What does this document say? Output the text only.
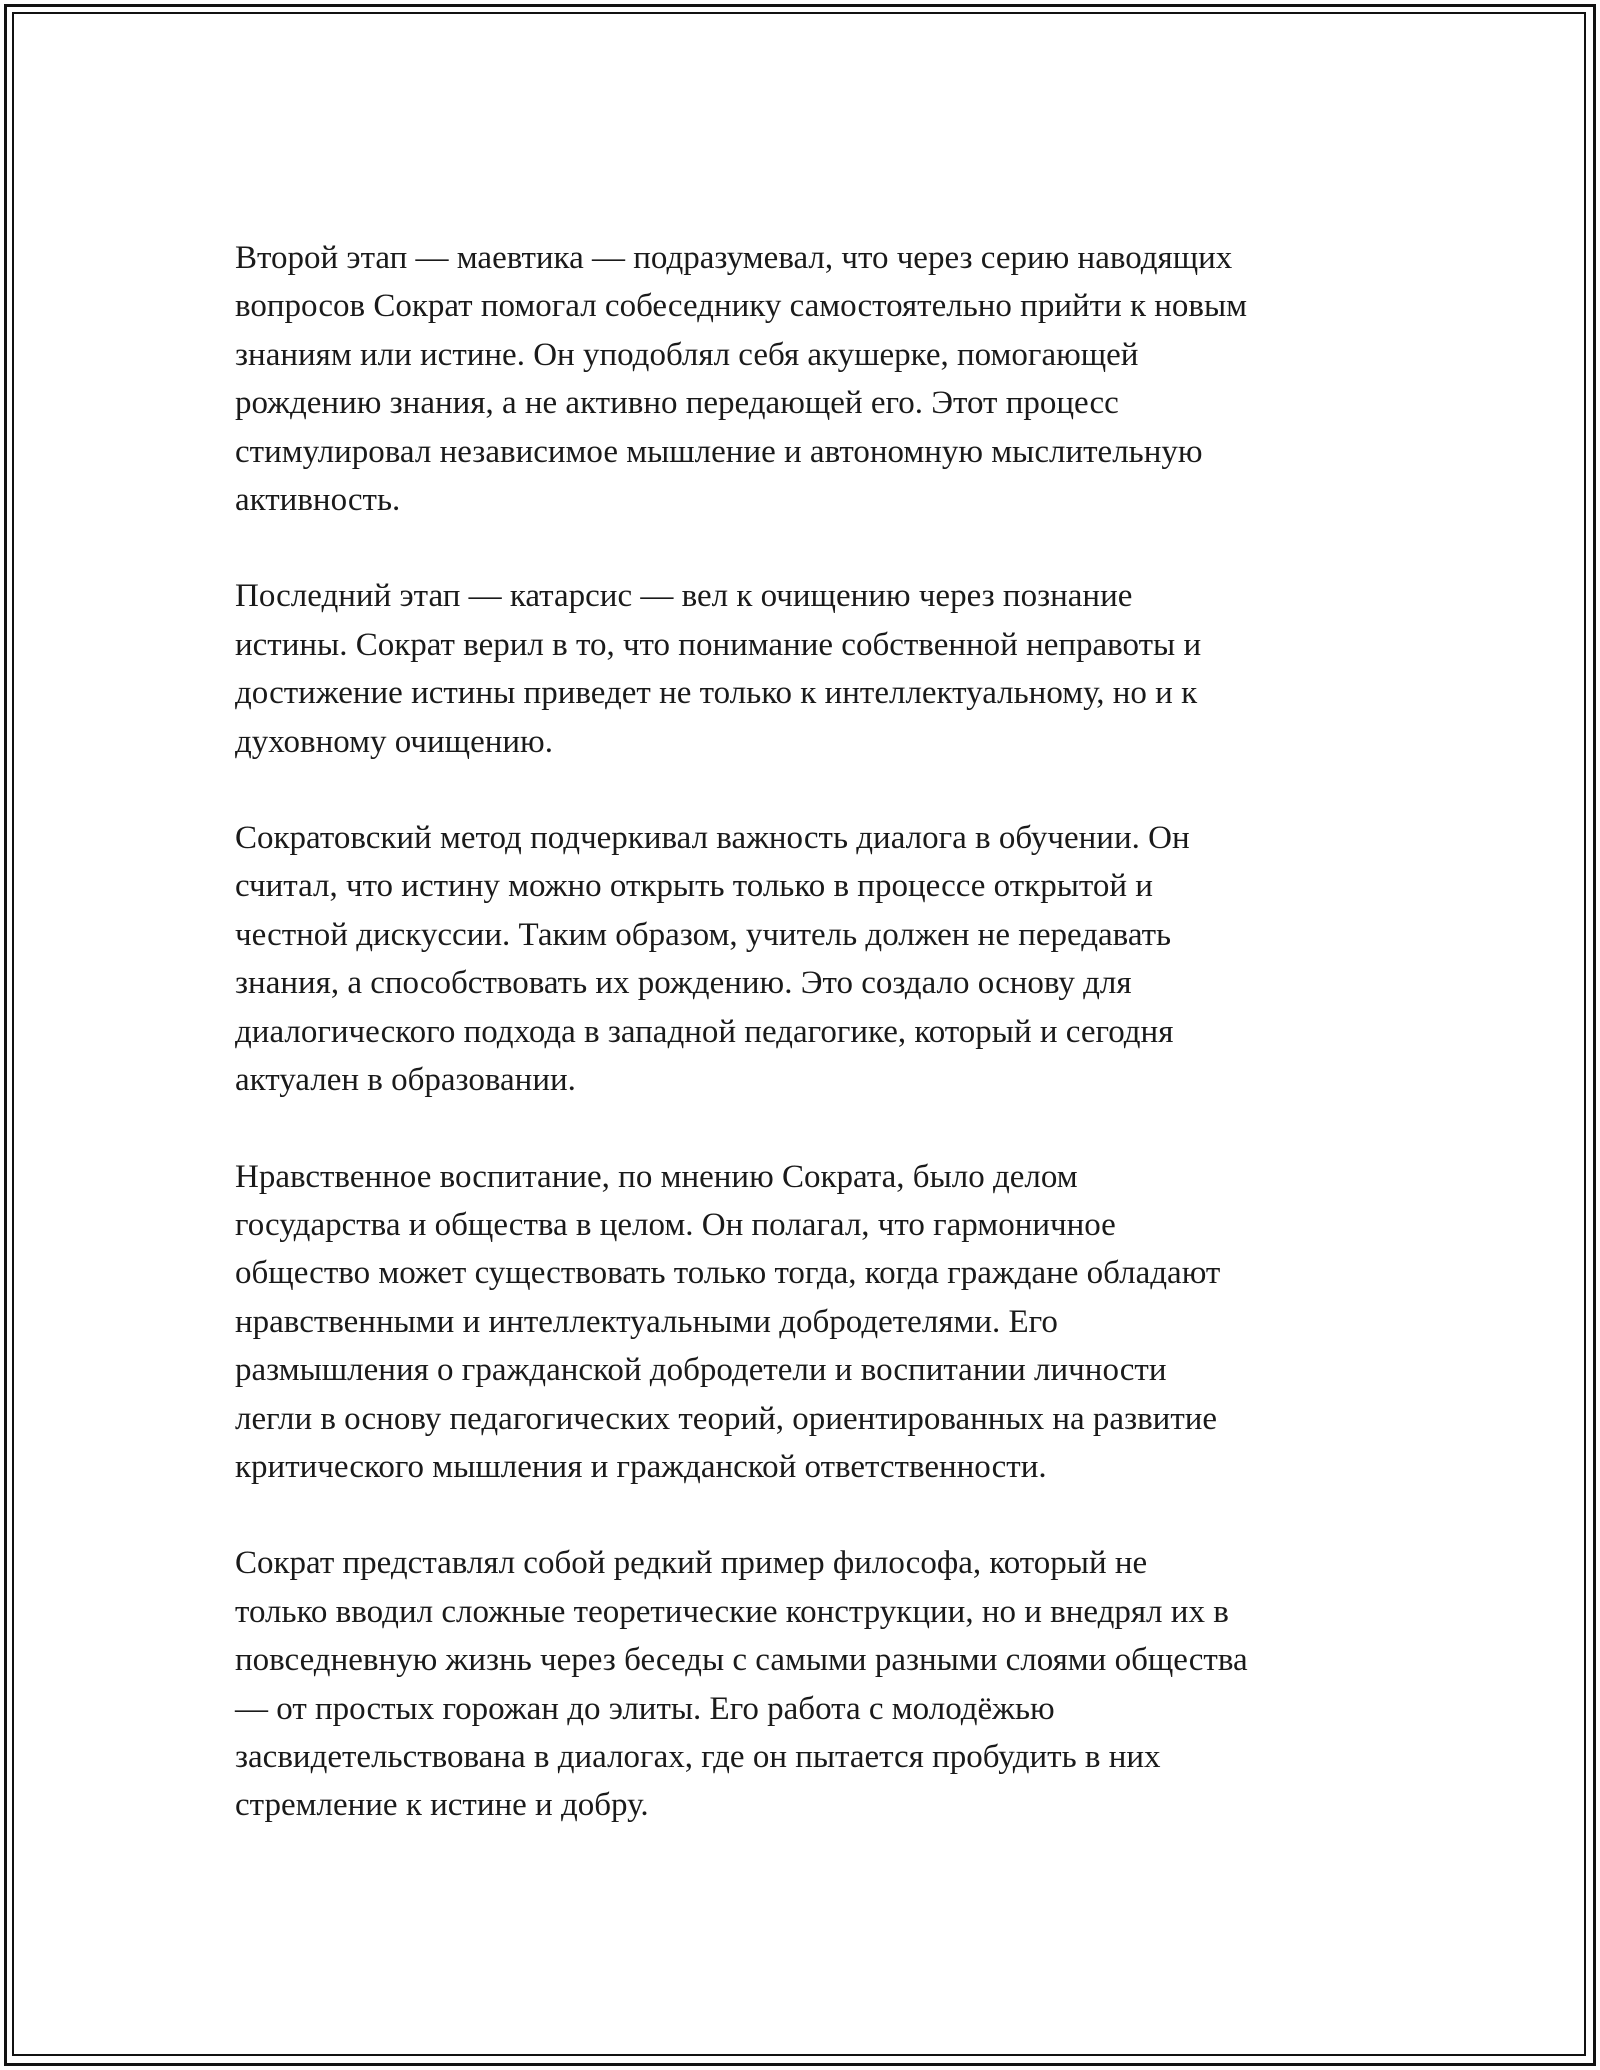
Второй этап — маевтика — подразумевал, что через серию наводящих
вопросов Сократ помогал собеседнику самостоятельно прийти к новым
знаниям или истине. Он уподоблял себя акушерке, помогающей
рождению знания, а не активно передающей его. Этот процесс
стимулировал независимое мышление и автономную мыслительную
активность.

Последний этап — катарсис — вел к очищению через познание
истины. Сократ верил в то, что понимание собственной неправоты и
достижение истины приведет не только к интеллектуальному, но и к
духовному очищению.

Сократовский метод подчеркивал важность диалога в обучении. Он
считал, что истину можно открыть только в процессе открытой и
честной дискуссии. Таким образом, учитель должен не передавать
знания, а способствовать их рождению. Это создало основу для
диалогического подхода в западной педагогике, который и сегодня
актуален в образовании.

Нравственное воспитание, по мнению Сократа, было делом
государства и общества в целом. Он полагал, что гармоничное
общество может существовать только тогда, когда граждане обладают
нравственными и интеллектуальными добродетелями. Его
размышления о гражданской добродетели и воспитании личности
легли в основу педагогических теорий, ориентированных на развитие
критического мышления и гражданской ответственности.

Сократ представлял собой редкий пример философа, который не
только вводил сложные теоретические конструкции, но и внедрял их в
повседневную жизнь через беседы с самыми разными слоями общества
— от простых горожан до элиты. Его работа с молодёжью
засвидетельствована в диалогах, где он пытается пробудить в них
стремление к истине и добру.
